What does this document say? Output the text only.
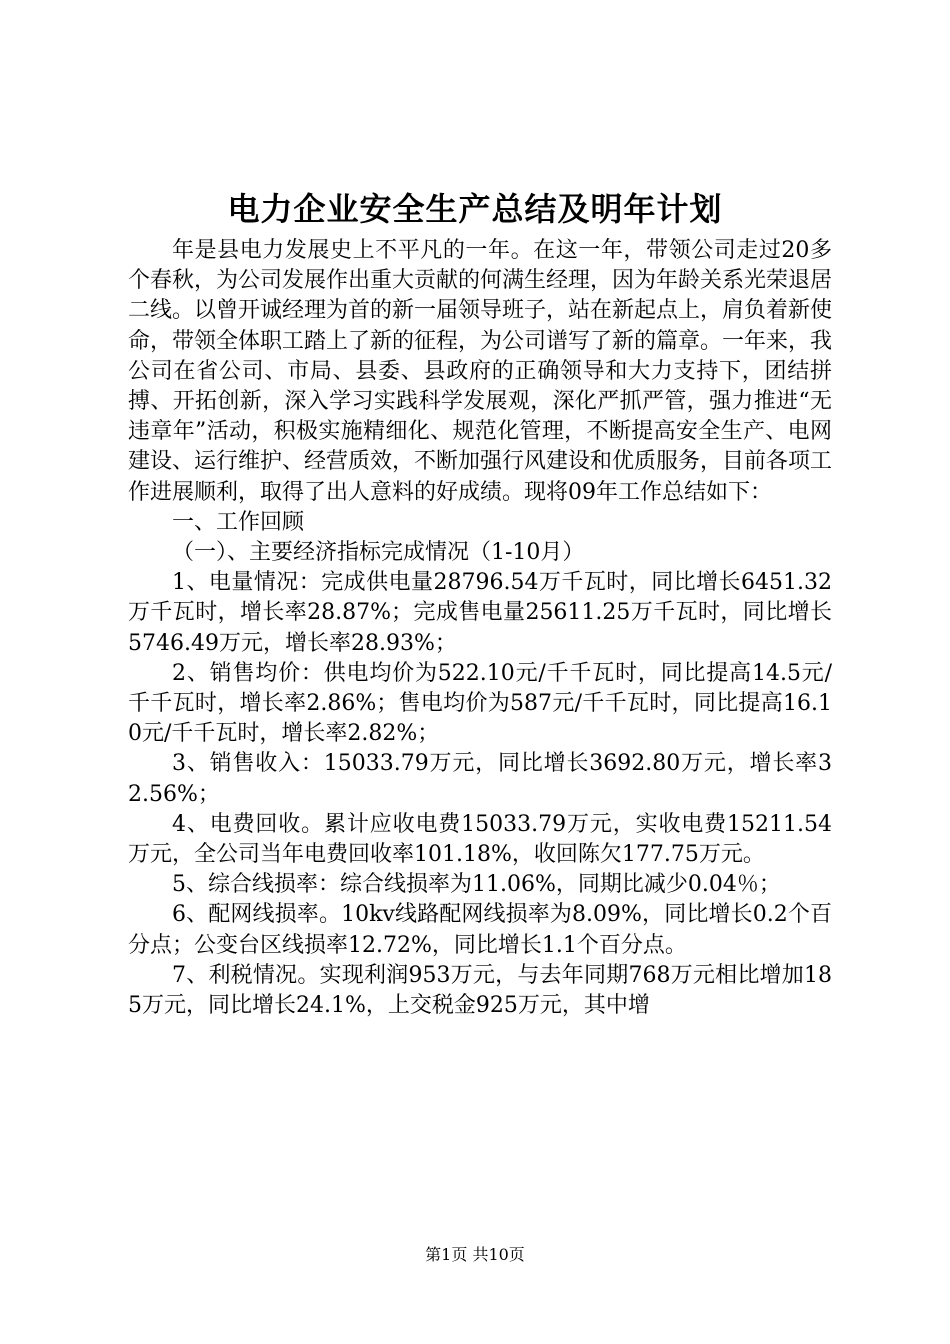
电力企业安全生产总结及明年计划

年是县电力发展史上不平凡的一年。在这一年，带领公司走过20多个春秋，为公司发展作出重大贡献的何满生经理，因为年龄关系光荣退居二线。以曾开诚经理为首的新一届领导班子，站在新起点上，肩负着新使命，带领全体职工踏上了新的征程，为公司谱写了新的篇章。一年来，我公司在省公司、市局、县委、县政府的正确领导和大力支持下，团结拼搏、开拓创新，深入学习实践科学发展观，深化严抓严管，强力推进“无违章年”活动，积极实施精细化、规范化管理，不断提高安全生产、电网建设、运行维护、经营质效，不断加强行风建设和优质服务，目前各项工作进展顺利，取得了出人意料的好成绩。现将09年工作总结如下：

一、工作回顾

（一）、主要经济指标完成情况（1-10月）

1、电量情况：完成供电量28796.54万千瓦时，同比增长6451.32万千瓦时，增长率28.87%；完成售电量25611.25万千瓦时，同比增长5746.49万元，增长率28.93%；

2、销售均价：供电均价为522.10元/千千瓦时，同比提高14.5元/千千瓦时，增长率2.86%；售电均价为587元/千千瓦时，同比提高16.10元/千千瓦时，增长率2.82%；

3、销售收入：15033.79万元，同比增长3692.80万元，增长率32.56%；

4、电费回收。累计应收电费15033.79万元，实收电费15211.54万元，全公司当年电费回收率101.18%，收回陈欠177.75万元。

5、综合线损率：综合线损率为11.06%，同期比减少0.04％；

6、配网线损率。10kv线路配网线损率为8.09%，同比增长0.2个百分点；公变台区线损率12.72%，同比增长1.1个百分点。

7、利税情况。实现利润953万元，与去年同期768万元相比增加185万元，同比增长24.1%，上交税金925万元，其中增

第1页 共10页
